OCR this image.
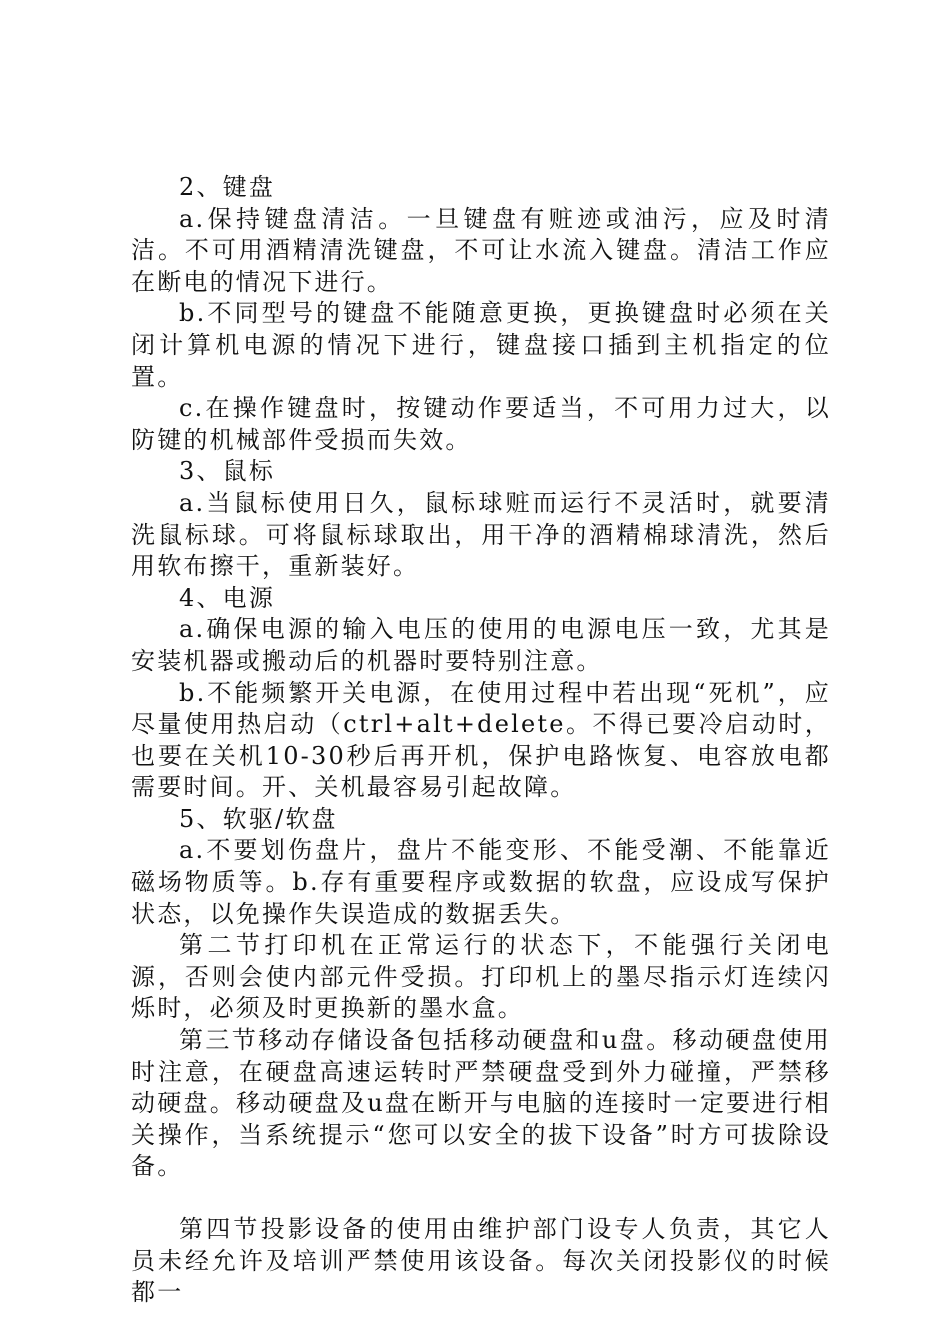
2、键盘

a.保持键盘清洁。一旦键盘有赃迹或油污，应及时清洁。不可用酒精清洗键盘，不可让水流入键盘。清洁工作应在断电的情况下进行。

b.不同型号的键盘不能随意更换，更换键盘时必须在关闭计算机电源的情况下进行，键盘接口插到主机指定的位置。

c.在操作键盘时，按键动作要适当，不可用力过大，以防键的机械部件受损而失效。

3、鼠标

a.当鼠标使用日久，鼠标球赃而运行不灵活时，就要清洗鼠标球。可将鼠标球取出，用干净的酒精棉球清洗，然后用软布擦干，重新装好。

4、电源

a.确保电源的输入电压的使用的电源电压一致，尤其是安装机器或搬动后的机器时要特别注意。

b.不能频繁开关电源，在使用过程中若出现“死机”，应尽量使用热启动（ctrl+alt+delete。不得已要冷启动时，也要在关机10-30秒后再开机，保护电路恢复、电容放电都需要时间。开、关机最容易引起故障。

5、软驱/软盘

a.不要划伤盘片，盘片不能变形、不能受潮、不能靠近磁场物质等。b.存有重要程序或数据的软盘，应设成写保护状态，以免操作失误造成的数据丢失。

第二节打印机在正常运行的状态下，不能强行关闭电源，否则会使内部元件受损。打印机上的墨尽指示灯连续闪烁时，必须及时更换新的墨水盒。

第三节移动存储设备包括移动硬盘和u盘。移动硬盘使用时注意，在硬盘高速运转时严禁硬盘受到外力碰撞，严禁移动硬盘。移动硬盘及u盘在断开与电脑的连接时一定要进行相关操作，当系统提示“您可以安全的拔下设备”时方可拔除设备。

第四节投影设备的使用由维护部门设专人负责，其它人员未经允许及培训严禁使用该设备。每次关闭投影仪的时候都一
